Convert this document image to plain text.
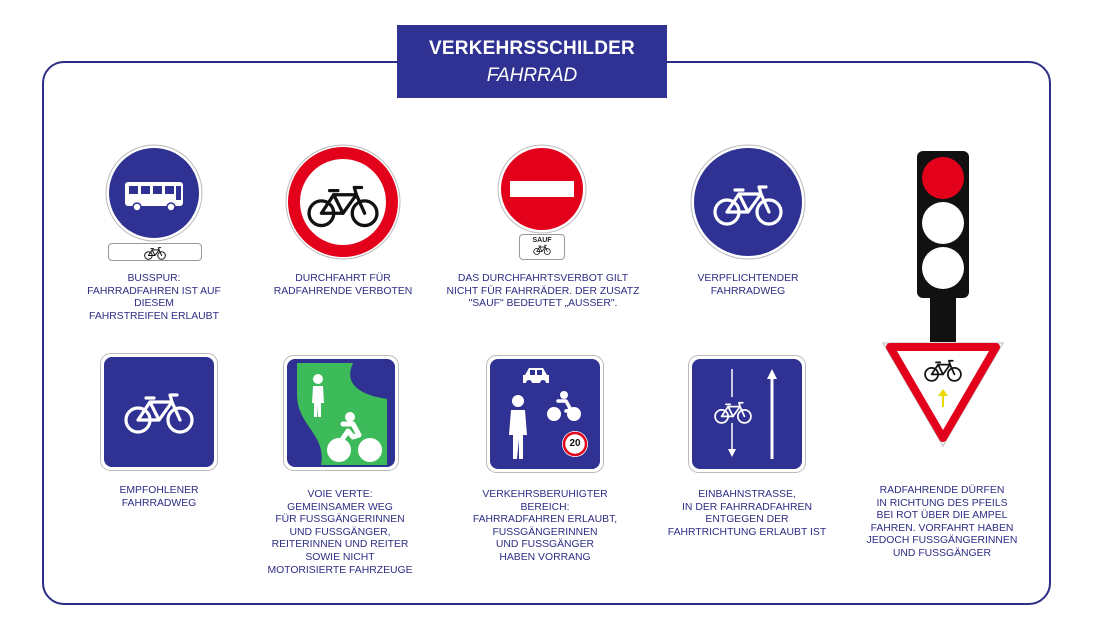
VERKEHRSSCHILDER
FAHRRAD
BUSSPUR:
FAHRRADFAHREN IST AUF DIESEM
FAHRSTREIFEN ERLAUBT
DURCHFAHRT FÜR
RADFAHRENDE VERBOTEN
SAUF
DAS DURCHFAHRTSVERBOT GILT
NICHT FÜR FAHRRÄDER. DER ZUSATZ
"SAUF" BEDEUTET „AUSSER".
VERPFLICHTENDER
FAHRRADWEG
RADFAHRENDE DÜRFEN
IN RICHTUNG DES PFEILS
BEI ROT ÜBER DIE AMPEL
FAHREN. VORFAHRT HABEN
JEDOCH FUSSGÄNGERINNEN
UND FUSSGÄNGER
EMPFOHLENER
FAHRRADWEG
VOIE VERTE:
GEMEINSAMER WEG
FÜR FUSSGÄNGERINNEN
UND FUSSGÄNGER,
REITERINNEN UND REITER
SOWIE NICHT
MOTORISIERTE FAHRZEUGE
20
VERKEHRSBERUHIGTER
BEREICH:
FAHRRADFAHREN ERLAUBT,
FUSSGÄNGERINNEN
UND FUSSGÄNGER
HABEN VORRANG
EINBAHNSTRASSE,
IN DER FAHRRADFAHREN
ENTGEGEN DER
FAHRTRICHTUNG ERLAUBT IST
